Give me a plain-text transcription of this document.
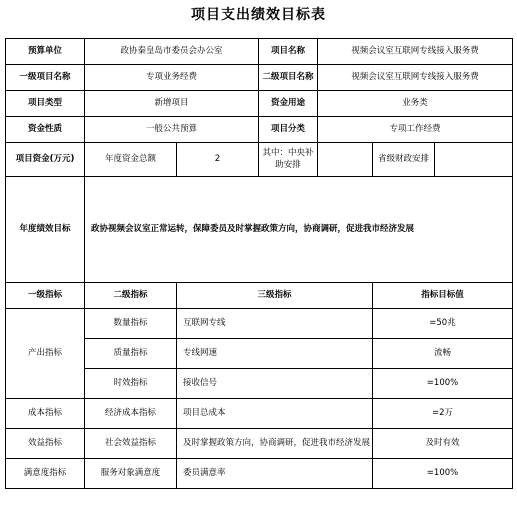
项目支出绩效目标表
预算单位	政协秦皇岛市委员会办公室		项目名称	视频会议室互联网专线接入服务费		
一级项目名称	专项业务经费		二级项目名称	视频会议室互联网专线接入服务费		
项目类型	新增项目		资金用途	业务类		
资金性质	一般公共预算		项目分类	专项工作经费		
项目资金(万元)	年度资金总额	2	其中：中央补助安排		省级财政安排	
年度绩效目标	政协视频会议室正常运转，保障委员及时掌握政策方向，协商调研，促进我市经济发展					
一级指标	二级指标	三级指标			指标目标值	
产出指标	数量指标	互联网专线			=50兆	
	质量指标	专线网速			流畅	
	时效指标	接收信号			=100%	
成本指标	经济成本指标	项目总成本			=2万	
效益指标	社会效益指标	及时掌握政策方向，协商调研，促进我市经济发展			及时有效	
满意度指标	服务对象满意度	委员满意率			=100%	
